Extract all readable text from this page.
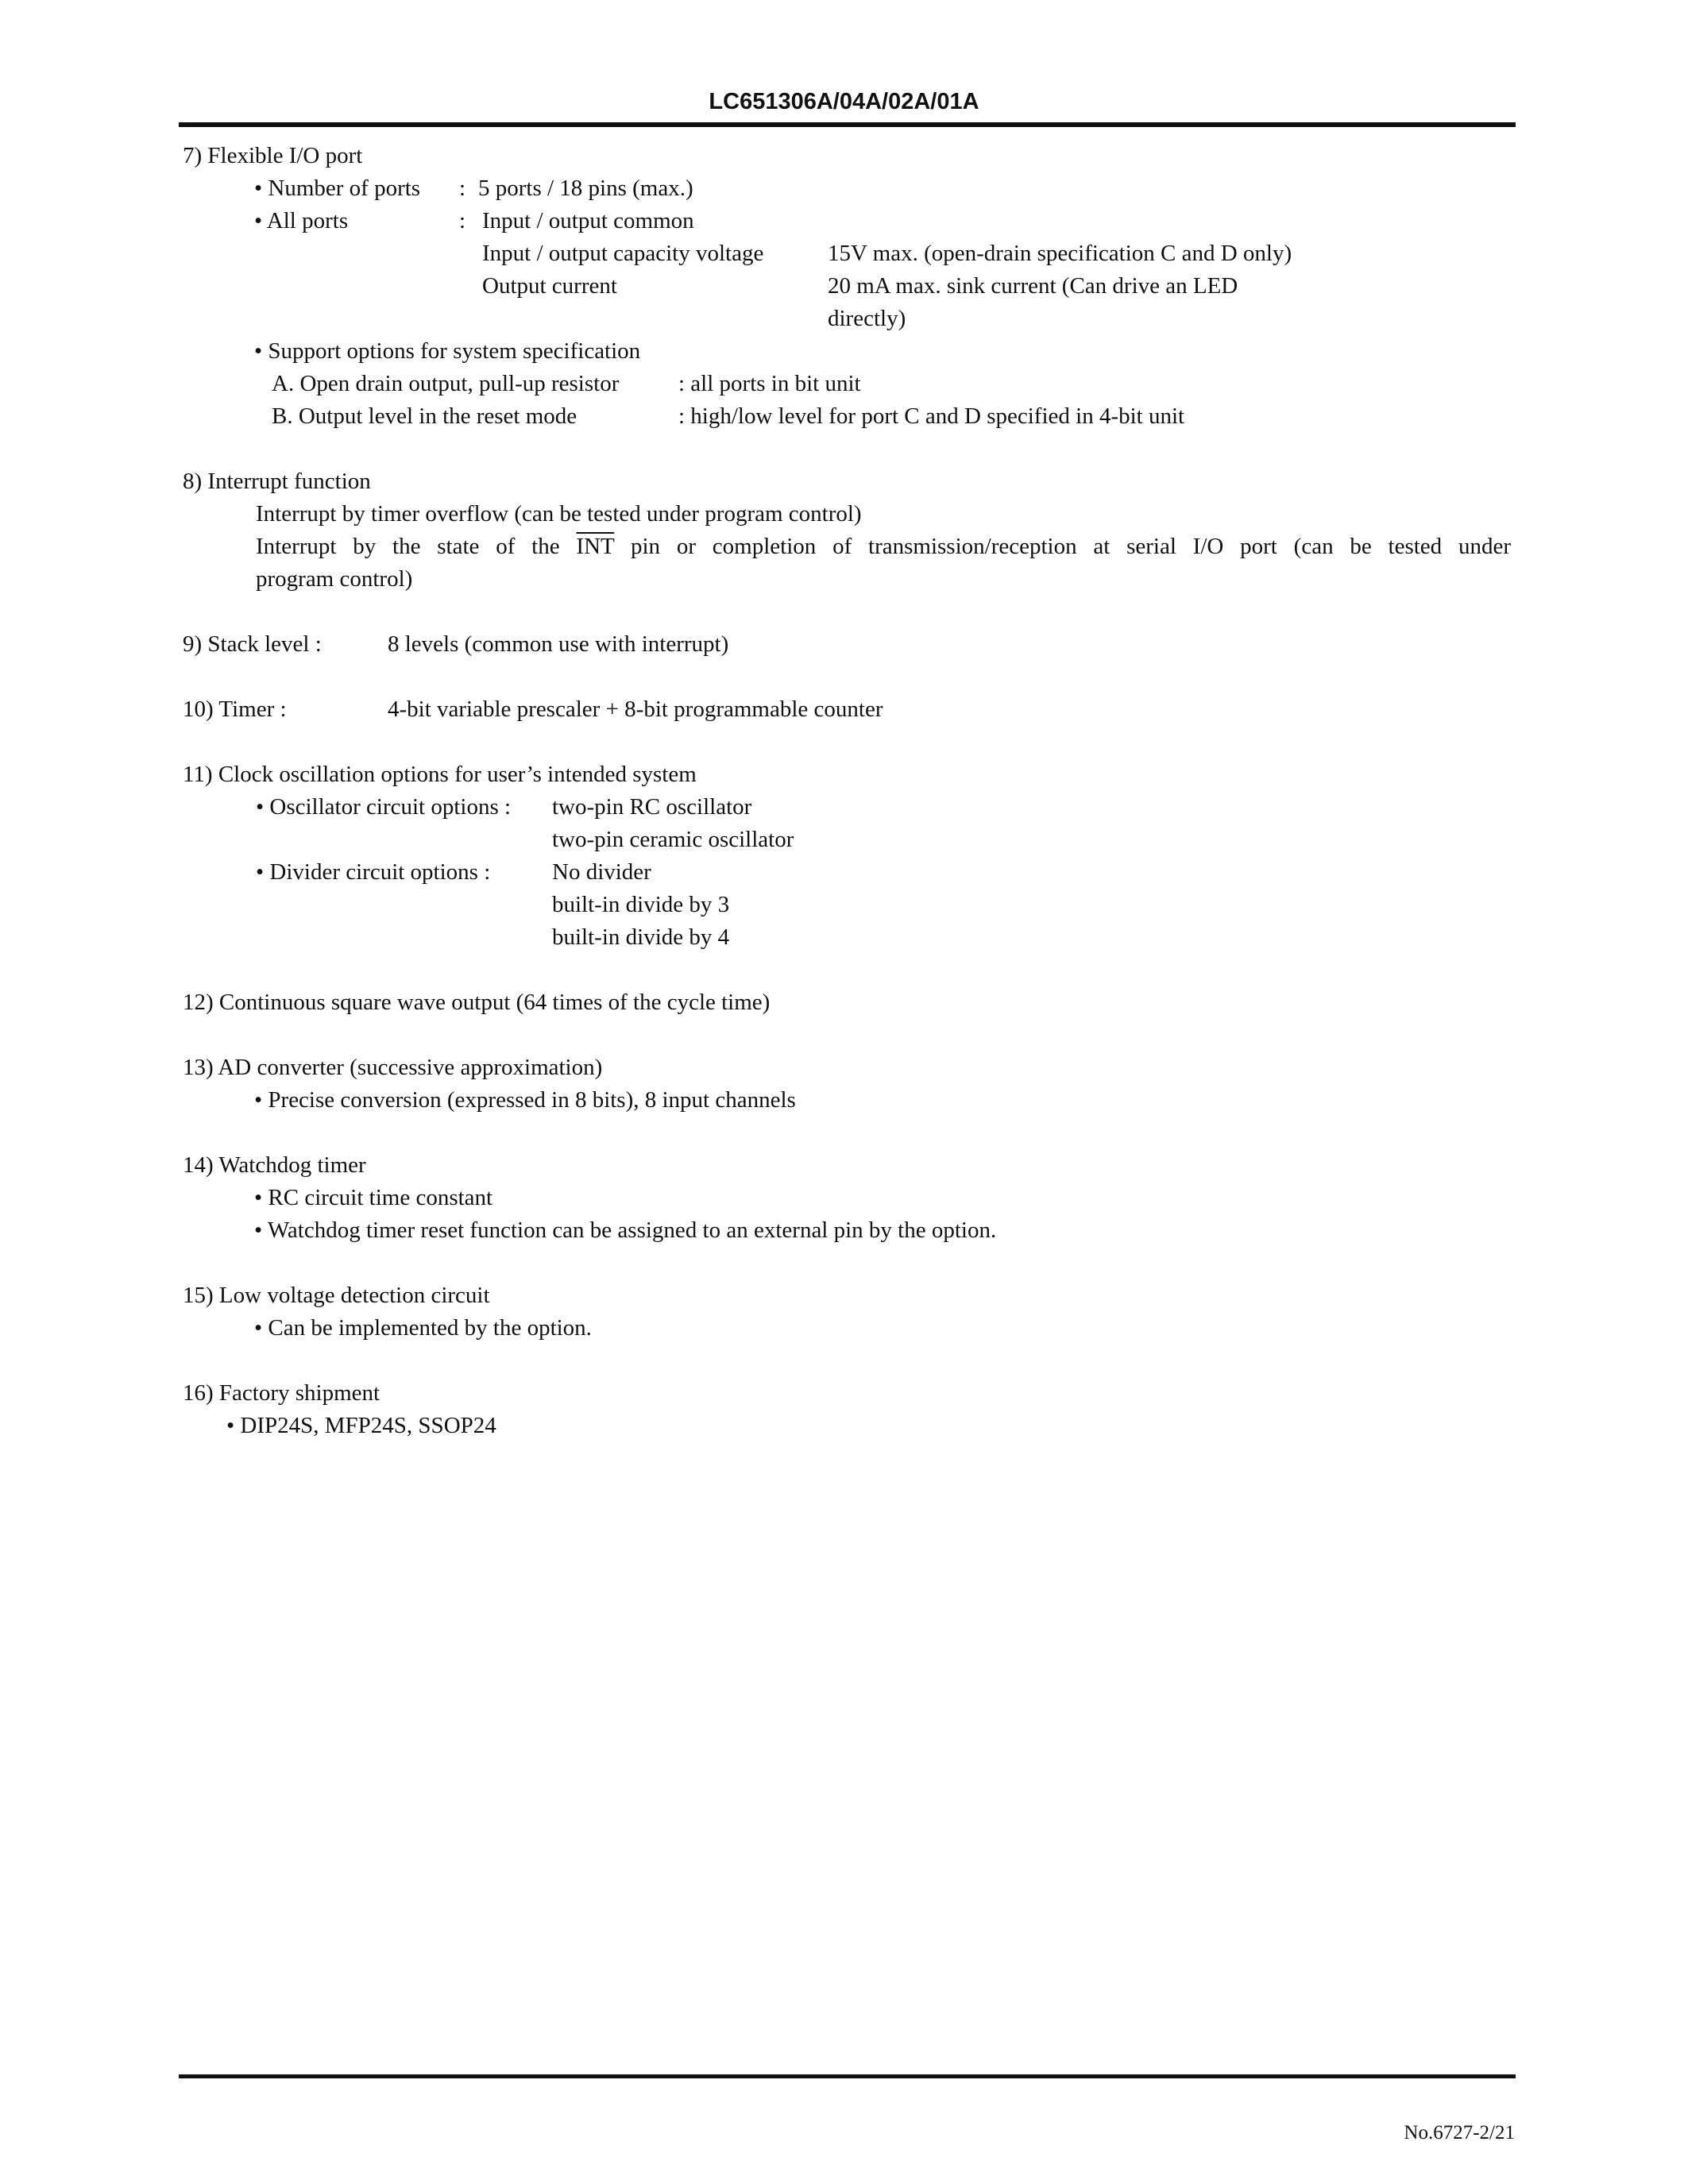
LC651306A/04A/02A/01A
7) Flexible I/O port
• Number of ports : 5 ports / 18 pins (max.)
• All ports	: Input / output common
Input / output capacity voltage	15V max. (open-drain specification C and D only)
Output current	20 mA max. sink current (Can drive an LED
directly)
• Support options for system specification
A. Open drain output, pull-up resistor	: all ports in bit unit
B. Output level in the reset mode	: high/low level for port C and D specified in 4-bit unit
8) Interrupt function
Interrupt by timer overflow (can be tested under program control)
Interrupt by the state of the $\overline{INT}$ pin or completion of transmission/reception at serial I/O port (can be tested under
program control)
9) Stack level :	8 levels (common use with interrupt)
10) Timer :	4-bit variable prescaler + 8-bit programmable counter
11) Clock oscillation options for user’s intended system
• Oscillator circuit options : two-pin RC oscillator
two-pin ceramic oscillator
• Divider circuit options :	No divider
built-in divide by 3
built-in divide by 4
12) Continuous square wave output (64 times of the cycle time)
13) AD converter (successive approximation)
• Precise conversion (expressed in 8 bits), 8 input channels
14) Watchdog timer
• RC circuit time constant
• Watchdog timer reset function can be assigned to an external pin by the option.
15) Low voltage detection circuit
• Can be implemented by the option.
16) Factory shipment
• DIP24S, MFP24S, SSOP24
No.6727-2/21
